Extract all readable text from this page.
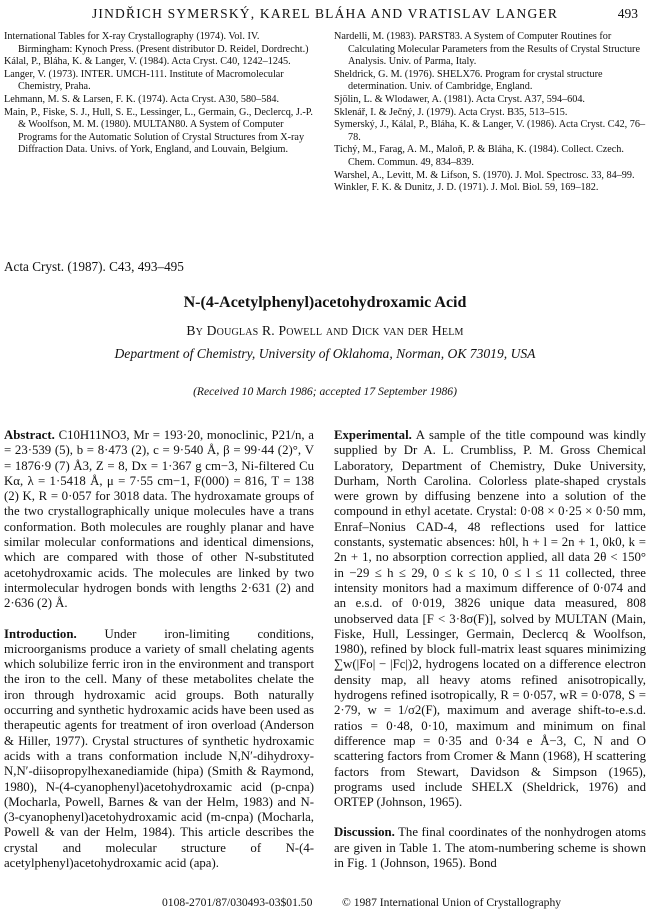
JINDŘICH SYMERSKÝ, KAREL BLÁHA AND VRATISLAV LANGER	493

International Tables for X-ray Crystallography (1974). Vol. IV. Birmingham: Kynoch Press. (Present distributor D. Reidel, Dordrecht.)

Kálal, P., Bláha, K. & Langer, V. (1984). Acta Cryst. C40, 1242–1245.

Langer, V. (1973). INTER. UMCH-111. Institute of Macromolecular Chemistry, Praha.

Lehmann, M. S. & Larsen, F. K. (1974). Acta Cryst. A30, 580–584.

Main, P., Fiske, S. J., Hull, S. E., Lessinger, L., Germain, G., Declercq, J.-P. & Woolfson, M. M. (1980). MULTAN80. A System of Computer Programs for the Automatic Solution of Crystal Structures from X-ray Diffraction Data. Univs. of York, England, and Louvain, Belgium.

Nardelli, M. (1983). PARST83. A System of Computer Routines for Calculating Molecular Parameters from the Results of Crystal Structure Analysis. Univ. of Parma, Italy.

Sheldrick, G. M. (1976). SHELX76. Program for crystal structure determination. Univ. of Cambridge, England.

Sjölin, L. & Wlodawer, A. (1981). Acta Cryst. A37, 594–604.

Sklenář, I. & Ječný, J. (1979). Acta Cryst. B35, 513–515.

Symerský, J., Kálal, P., Bláha, K. & Langer, V. (1986). Acta Cryst. C42, 76–78.

Tichý, M., Farag, A. M., Maloň, P. & Bláha, K. (1984). Collect. Czech. Chem. Commun. 49, 834–839.

Warshel, A., Levitt, M. & Lifson, S. (1970). J. Mol. Spectrosc. 33, 84–99.

Winkler, F. K. & Dunitz, J. D. (1971). J. Mol. Biol. 59, 169–182.

Acta Cryst. (1987). C43, 493–495
N-(4-Acetylphenyl)acetohydroxamic Acid
By Douglas R. Powell and Dick van der Helm
Department of Chemistry, University of Oklahoma, Norman, OK 73019, USA
(Received 10 March 1986; accepted 17 September 1986)

Abstract. C10H11NO3, Mr = 193·20, monoclinic, P21/n, a = 23·539 (5), b = 8·473 (2), c = 9·540 Å, β = 99·44 (2)°, V = 1876·9 (7) Å3, Z = 8, Dx = 1·367 g cm−3, Ni-filtered Cu Kα, λ = 1·5418 Å, μ = 7·55 cm−1, F(000) = 816, T = 138 (2) K, R = 0·057 for 3018 data. The hydroxamate groups of the two crystallographically unique molecules have a trans conformation. Both molecules are roughly planar and have similar molecular conformations and identical dimensions, which are compared with those of other N-substituted acetohydroxamic acids. The molecules are linked by two intermolecular hydrogen bonds with lengths 2·631 (2) and 2·636 (2) Å.

Introduction. Under iron-limiting conditions, microorganisms produce a variety of small chelating agents which solubilize ferric iron in the environment and transport the iron to the cell. Many of these metabolites chelate the iron through hydroxamic acid groups. Both naturally occurring and synthetic hydroxamic acids have been used as therapeutic agents for treatment of iron overload (Anderson & Hiller, 1977). Crystal structures of synthetic hydroxamic acids with a trans conformation include N,N′-dihydroxy-N,N′-diisopropylhexanediamide (hipa) (Smith & Raymond, 1980), N-(4-cyanophenyl)acetohydroxamic acid (p-cnpa) (Mocharla, Powell, Barnes & van der Helm, 1983) and N-(3-cyanophenyl)acetohydroxamic acid (m-cnpa) (Mocharla, Powell & van der Helm, 1984). This article describes the crystal and molecular structure of N-(4-acetylphenyl)acetohydroxamic acid (apa).

Experimental. A sample of the title compound was kindly supplied by Dr A. L. Crumbliss, P. M. Gross Chemical Laboratory, Department of Chemistry, Duke University, Durham, North Carolina. Colorless plate-shaped crystals were grown by diffusing benzene into a solution of the compound in ethyl acetate. Crystal: 0·08 × 0·25 × 0·50 mm, Enraf–Nonius CAD-4, 48 reflections used for lattice constants, systematic absences: h0l, h + l = 2n + 1, 0k0, k = 2n + 1, no absorption correction applied, all data 2θ < 150° in −29 ≤ h ≤ 29, 0 ≤ k ≤ 10, 0 ≤ l ≤ 11 collected, three intensity monitors had a maximum difference of 0·074 and an e.s.d. of 0·019, 3826 unique data measured, 808 unobserved data [F < 3·8σ(F)], solved by MULTAN (Main, Fiske, Hull, Lessinger, Germain, Declercq & Woolfson, 1980), refined by block full-matrix least squares minimizing ∑w(|Fo| − |Fc|)2, hydrogens located on a difference electron density map, all heavy atoms refined anisotropically, hydrogens refined isotropically, R = 0·057, wR = 0·078, S = 2·79, w = 1/σ2(F), maximum and average shift-to-e.s.d. ratios = 0·48, 0·10, maximum and minimum on final difference map = 0·35 and 0·34 e Å−3, C, N and O scattering factors from Cromer & Mann (1968), H scattering factors from Stewart, Davidson & Simpson (1965), programs used include SHELX (Sheldrick, 1976) and ORTEP (Johnson, 1965).

Discussion. The final coordinates of the nonhydrogen atoms are given in Table 1. The atom-numbering scheme is shown in Fig. 1 (Johnson, 1965). Bond

0108-2701/87/030493-03$01.50	© 1987 International Union of Crystallography
